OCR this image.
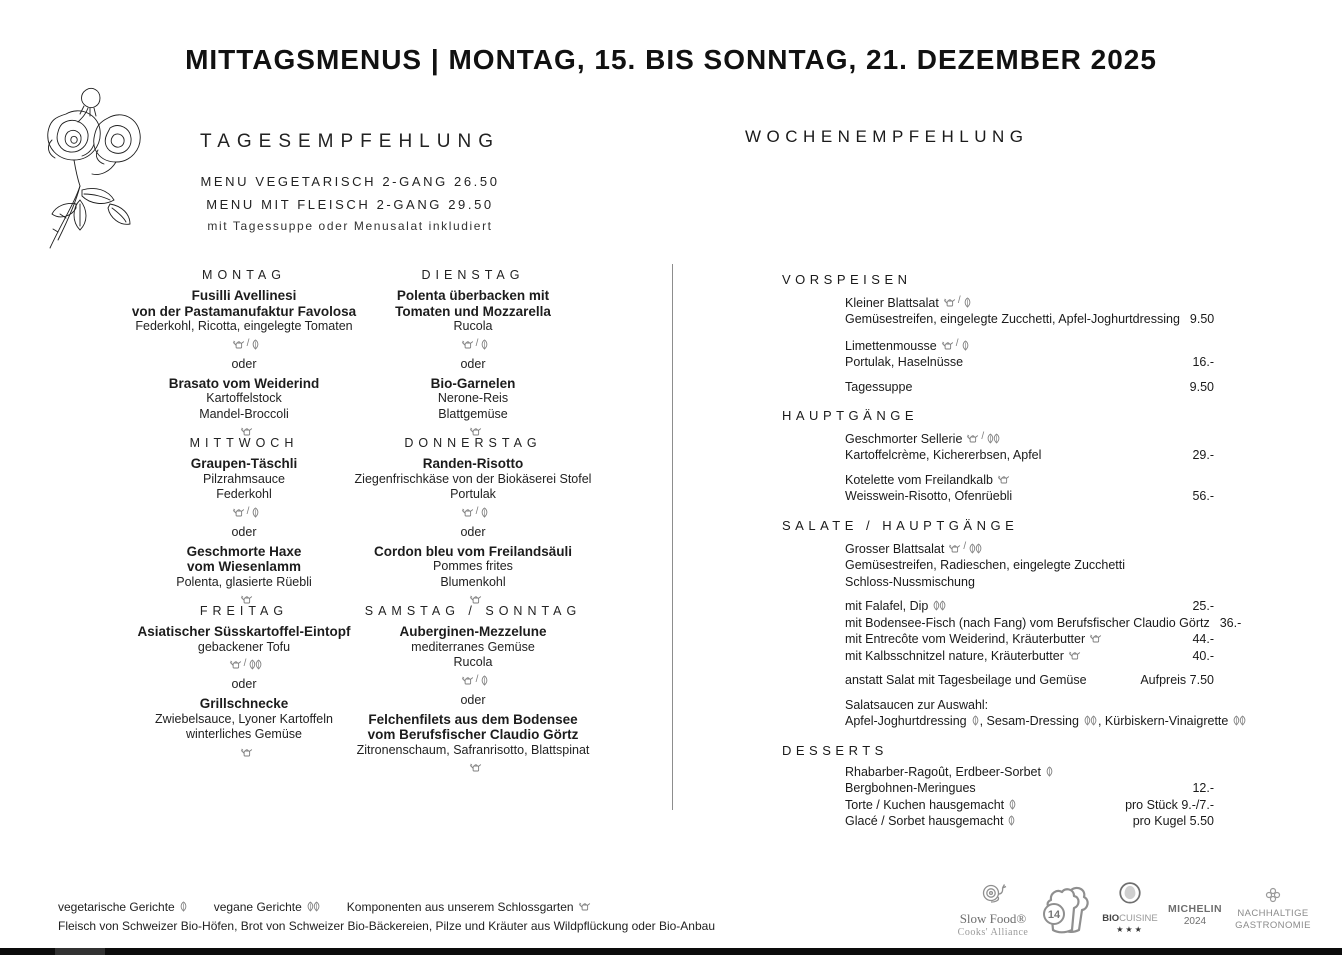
MITTAGSMENUS | MONTAG, 15. BIS SONNTAG, 21. DEZEMBER 2025
TAGESEMPFEHLUNG
MENU VEGETARISCH 2-GANG 26.50
MENU MIT FLEISCH 2-GANG 29.50
mit Tagessuppe oder Menusalat inkludiert
MONTAG
Fusilli Avellinesi
von der Pastamanufaktur Favolosa
Federkohl, Ricotta, eingelegte Tomaten
/
oder
Brasato vom Weiderind
Kartoffelstock
Mandel-Broccoli
DIENSTAG
Polenta überbacken mit
Tomaten und Mozzarella
Rucola
/
oder
Bio-Garnelen
Nerone-Reis
Blattgemüse
MITTWOCH
Graupen-Täschli
Pilzrahmsauce
Federkohl
/
oder
Geschmorte Haxe
vom Wiesenlamm
Polenta, glasierte Rüebli
DONNERSTAG
Randen-Risotto
Ziegenfrischkäse von der Biokäserei Stofel
Portulak
/
oder
Cordon bleu vom Freilandsäuli
Pommes frites
Blumenkohl
FREITAG
Asiatischer Süsskartoffel-Eintopf
gebackener Tofu
/
oder
Grillschnecke
Zwiebelsauce, Lyoner Kartoffeln
winterliches Gemüse
SAMSTAG / SONNTAG
Auberginen-Mezzelune
mediterranes Gemüse
Rucola
/
oder
Felchenfilets aus dem Bodensee
vom Berufsfischer Claudio Görtz
Zitronenschaum, Safranrisotto, Blattspinat
WOCHENEMPFEHLUNG
VORSPEISEN
Kleiner Blattsalat /
Gemüsestreifen, eingelegte Zucchetti, Apfel-Joghurtdressing 9.50
Limettenmousse /
Portulak, Haselnüsse	16.-
Tagessuppe	9.50
HAUPTGÄNGE
Geschmorter Sellerie /
Kartoffelcrème, Kichererbsen, Apfel	29.-
Kotelette vom Freilandkalb
Weisswein-Risotto, Ofenrüebli	56.-
SALATE / HAUPTGÄNGE
Grosser Blattsalat /
Gemüsestreifen, Radieschen, eingelegte Zucchetti
Schloss-Nussmischung
mit Falafel, Dip	25.-
mit Bodensee-Fisch (nach Fang) vom Berufsfischer Claudio Görtz 36.-
mit Entrecôte vom Weiderind, Kräuterbutter	44.-
mit Kalbsschnitzel nature, Kräuterbutter	40.-
anstatt Salat mit Tagesbeilage und Gemüse	Aufpreis 7.50
Salatsaucen zur Auswahl:
Apfel-Joghurtdressing , Sesam-Dressing , Kürbiskern-Vinaigrette
DESSERTS
Rhabarber-Ragoût, Erdbeer-Sorbet
Bergbohnen-Meringues	12.-
Torte / Kuchen hausgemacht	pro Stück 9.-/7.-
Glacé / Sorbet hausgemacht	pro Kugel 5.50
vegetarische Gerichte	vegane Gerichte	Komponenten aus unserem Schlossgarten
Fleisch von Schweizer Bio-Höfen, Brot von Schweizer Bio-Bäckereien, Pilze und Kräuter aus Wildpflückung oder Bio-Anbau	Slow Food®
Cooks' Alliance
14	BIOCUISINE
★★★
MICHELIN
2024
NACHHALTIGE
GASTRONOMIE
